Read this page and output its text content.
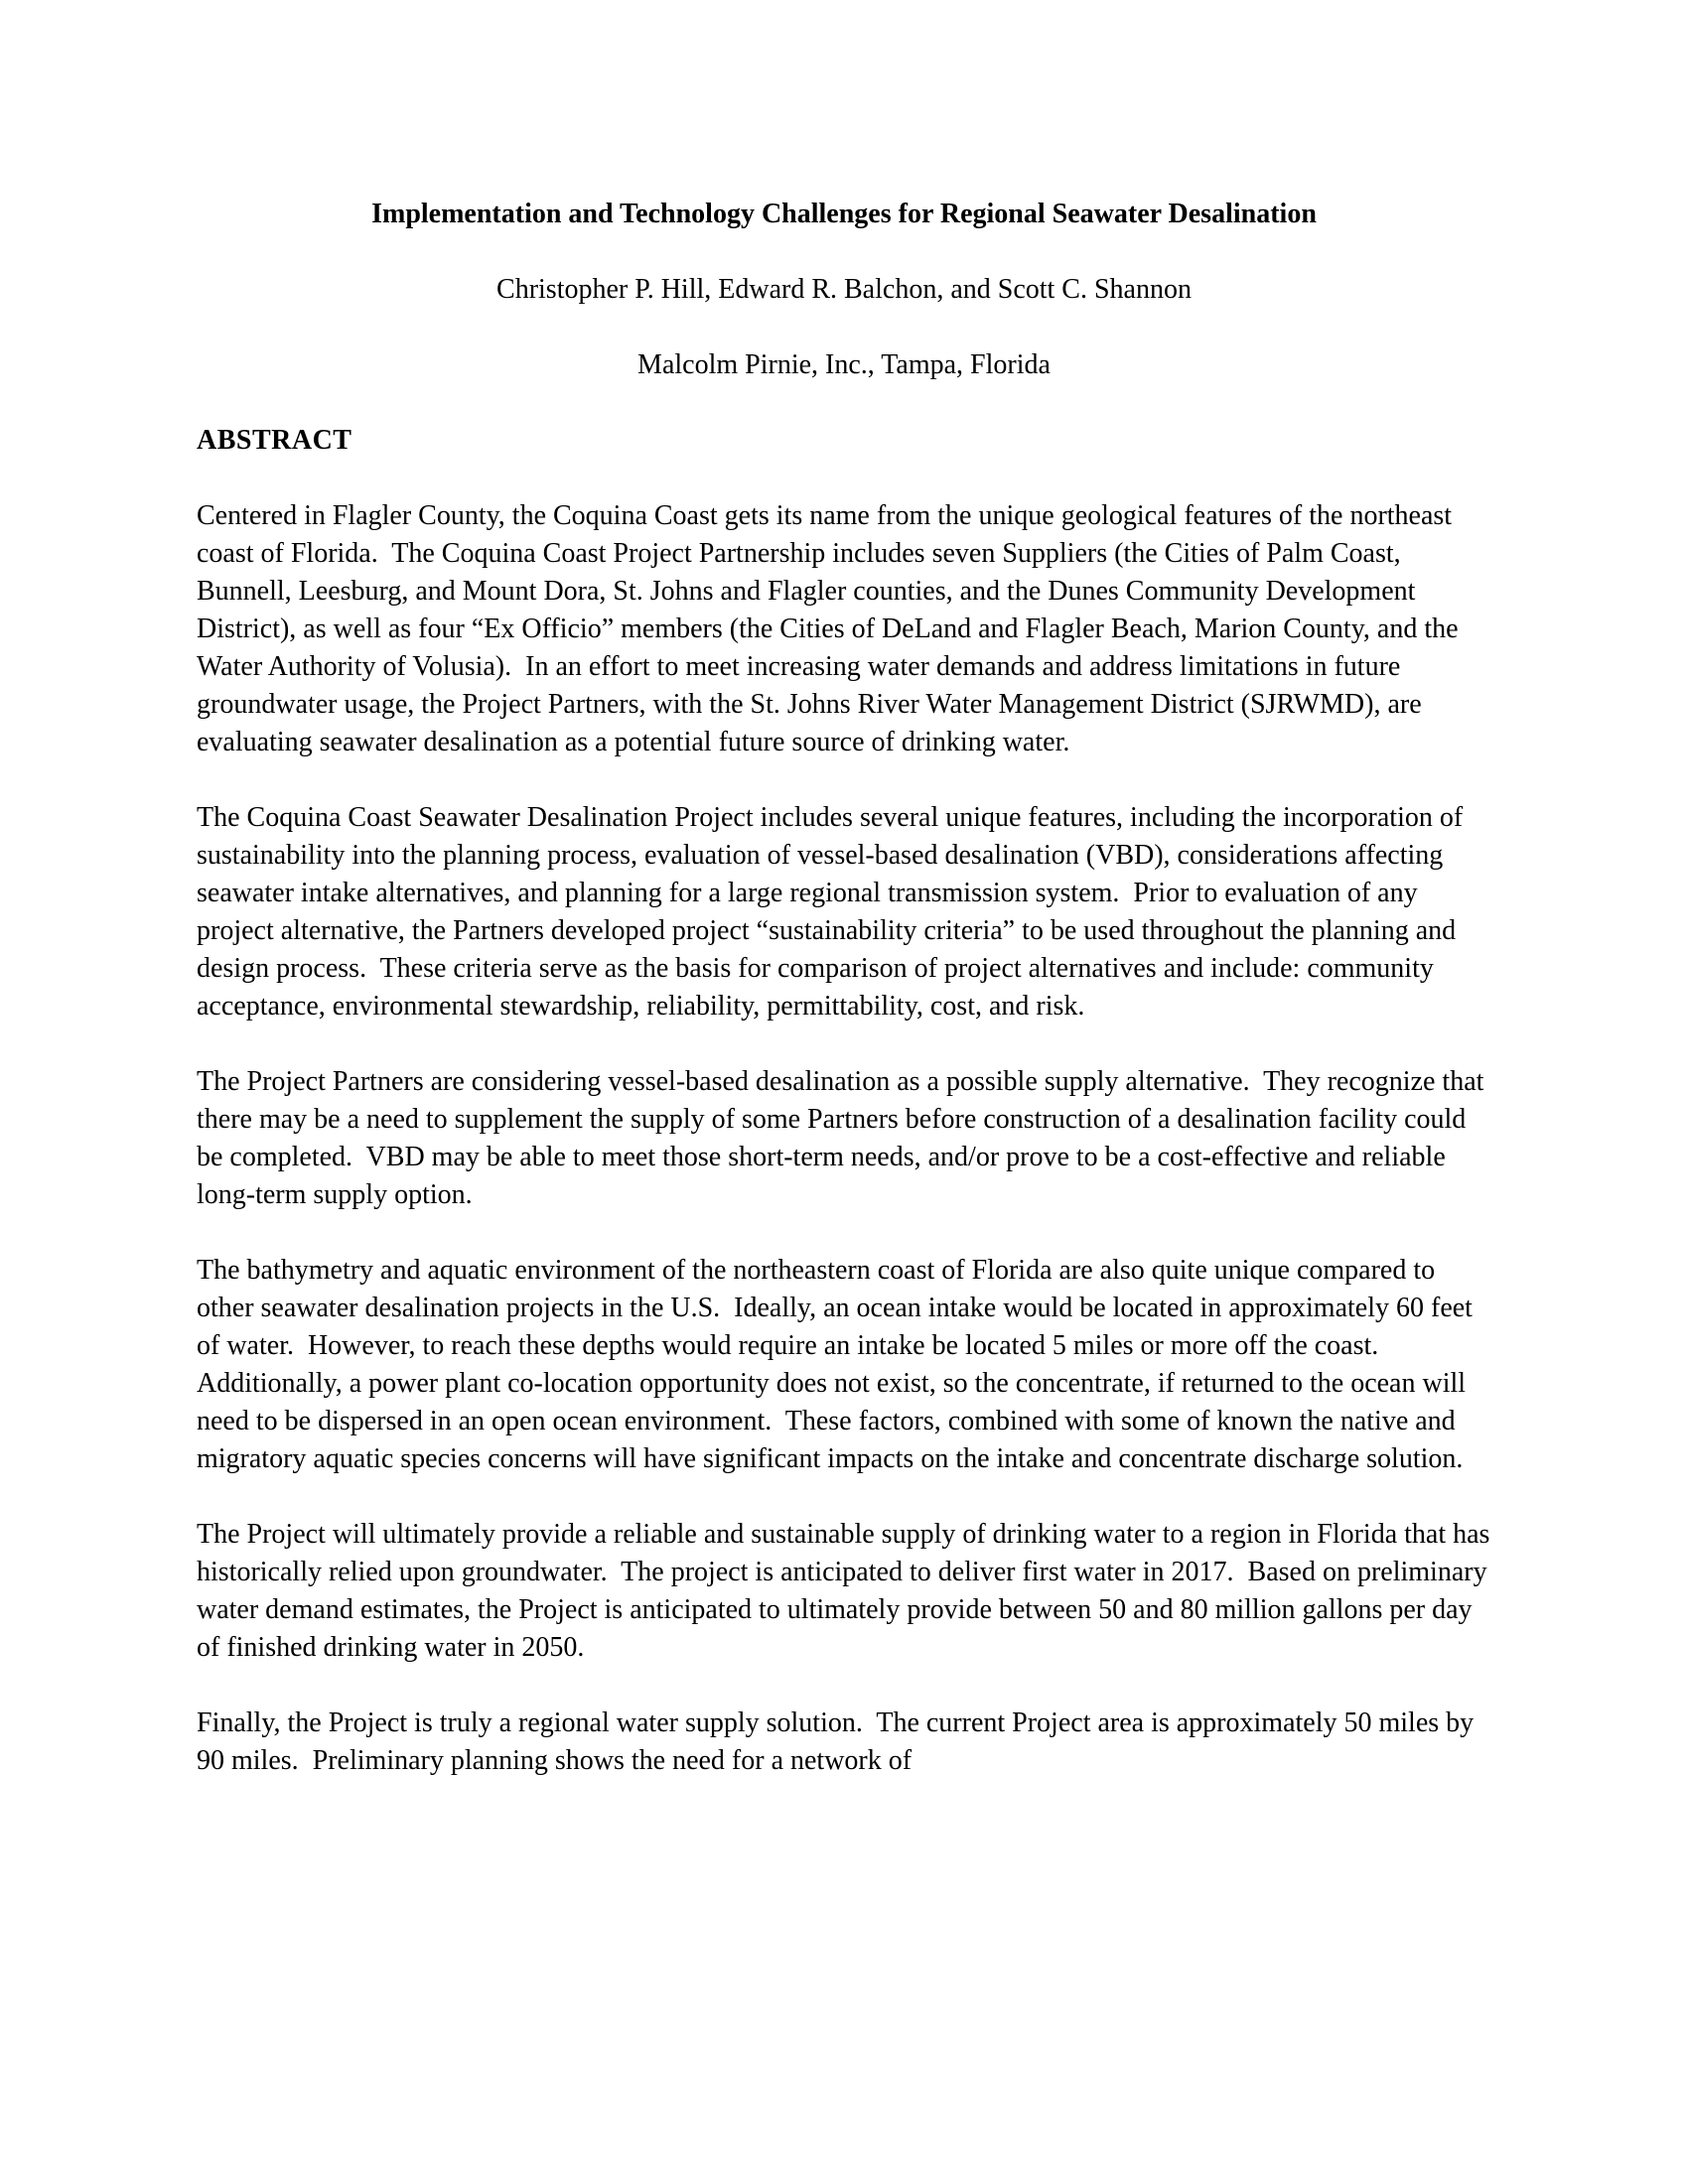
Implementation and Technology Challenges for Regional Seawater Desalination

Christopher P. Hill, Edward R. Balchon, and Scott C. Shannon

Malcolm Pirnie, Inc., Tampa, Florida

ABSTRACT

Centered in Flagler County, the Coquina Coast gets its name from the unique geological features of the northeast coast of Florida.  The Coquina Coast Project Partnership includes seven Suppliers (the Cities of Palm Coast, Bunnell, Leesburg, and Mount Dora, St. Johns and Flagler counties, and the Dunes Community Development District), as well as four “Ex Officio” members (the Cities of DeLand and Flagler Beach, Marion County, and the Water Authority of Volusia).  In an effort to meet increasing water demands and address limitations in future groundwater usage, the Project Partners, with the St. Johns River Water Management District (SJRWMD), are evaluating seawater desalination as a potential future source of drinking water.

The Coquina Coast Seawater Desalination Project includes several unique features, including the incorporation of sustainability into the planning process, evaluation of vessel-based desalination (VBD), considerations affecting seawater intake alternatives, and planning for a large regional transmission system.  Prior to evaluation of any project alternative, the Partners developed project “sustainability criteria” to be used throughout the planning and design process.  These criteria serve as the basis for comparison of project alternatives and include: community acceptance, environmental stewardship, reliability, permittability, cost, and risk.

The Project Partners are considering vessel-based desalination as a possible supply alternative.  They recognize that there may be a need to supplement the supply of some Partners before construction of a desalination facility could be completed.  VBD may be able to meet those short-term needs, and/or prove to be a cost-effective and reliable long-term supply option.

The bathymetry and aquatic environment of the northeastern coast of Florida are also quite unique compared to other seawater desalination projects in the U.S.  Ideally, an ocean intake would be located in approximately 60 feet of water.  However, to reach these depths would require an intake be located 5 miles or more off the coast.  Additionally, a power plant co-location opportunity does not exist, so the concentrate, if returned to the ocean will need to be dispersed in an open ocean environment.  These factors, combined with some of known the native and migratory aquatic species concerns will have significant impacts on the intake and concentrate discharge solution.

The Project will ultimately provide a reliable and sustainable supply of drinking water to a region in Florida that has historically relied upon groundwater.  The project is anticipated to deliver first water in 2017.  Based on preliminary water demand estimates, the Project is anticipated to ultimately provide between 50 and 80 million gallons per day of finished drinking water in 2050.

Finally, the Project is truly a regional water supply solution.  The current Project area is approximately 50 miles by 90 miles.  Preliminary planning shows the need for a network of
